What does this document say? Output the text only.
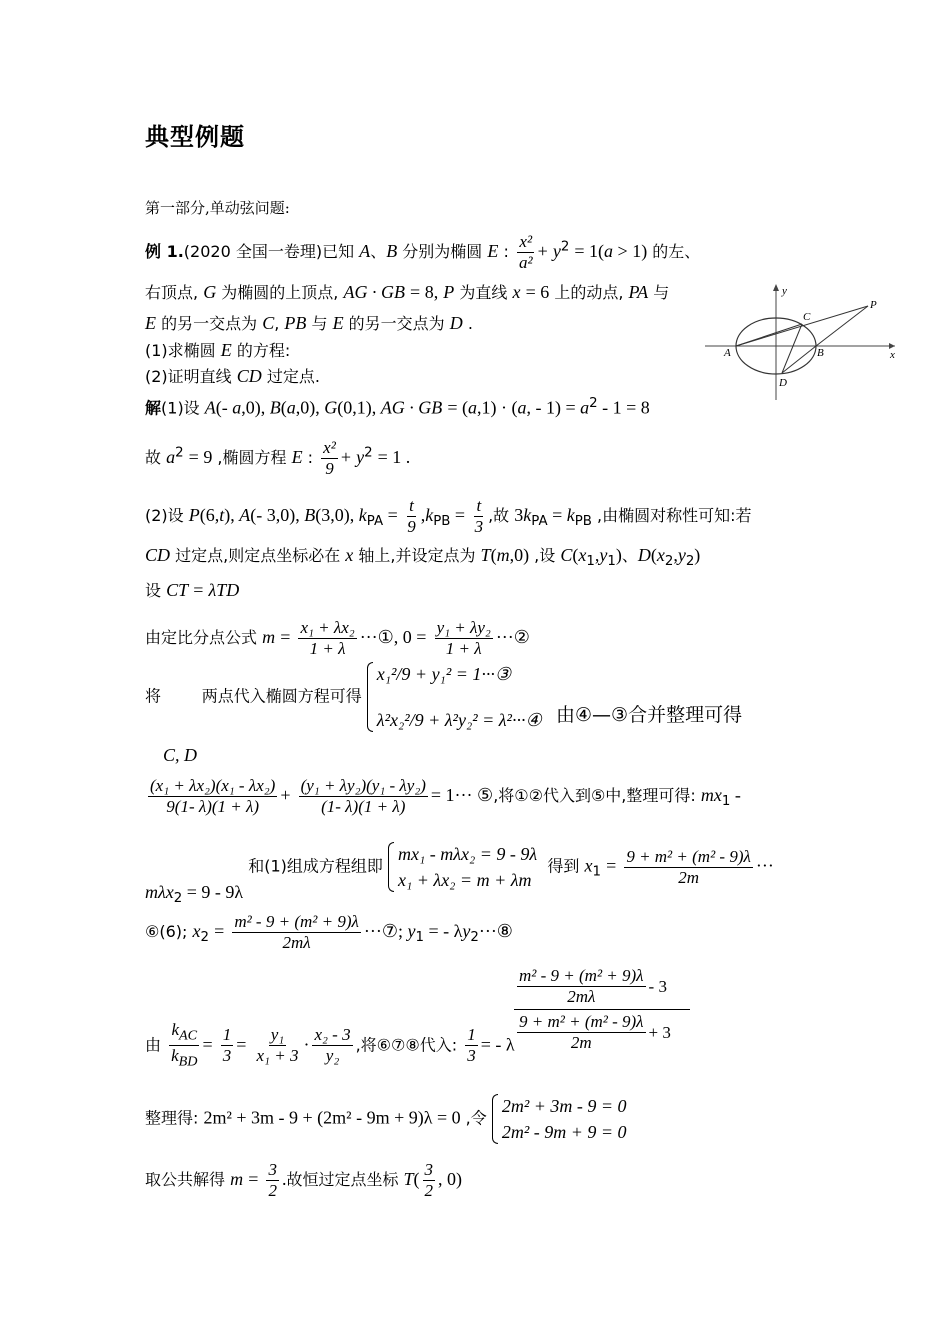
典型例题
第一部分,单动弦问题:
例 1.(2020 全国一卷理)已知 A、B 分别为椭圆 E : $\frac{\text{x²}}{\text{a²}} + y^2 = 1(a > 1)$ 的左、
右顶点, G 为椭圆的上顶点, AG · GB = 8, P 为直线 x = 6 上的动点, PA 与
E 的另一交点为 C, PB 与 E 的另一交点为 D .
(1)求椭圆 E 的方程:
(2)证明直线 CD 过定点.
解(1)设 A(- a,0), B(a,0), G(0,1), AG · GB = (a,1) · (a, - $1) = a^2 - 1 = 8$
故 $a^2 = 9$ ,椭圆方程 E : $\frac{\text{x²}}{9} + y^2 = 1$ .
(2)设 P(6,t), A(- 3,0), B(3,0), $k_{PA} = \frac{t}{9} ,k_{PB} = \frac{t}{3}$ ,故 $3k_{PA} = k_{PB}$ ,由椭圆对称性可知:若
CD 过定点,则定点坐标必在 x 轴上,并设定点为 T(m,0) ,设 $C(x_1,y_1)$、$D(x_2,y_2)$
设 CT = λTD
由定比分点公式 $m = \frac{\text{x₁ + λx₂}}{1 + \lambda}$ ···①, $0 = \frac{\text{y₁ + λy₂}}{1 + \lambda}$ ···②
将        两点代入椭圆方程可得
x₁²/9 + y₁² = 1···③
λ²x₂²/9 + λ²y₂² = λ²···④
C, D
由④—③合并整理可得
$\frac{\text{(x₁ + λx₂)(x₁ - λx₂)}}{9(1- \lambda)(1 + \lambda)} + \frac{\text{(y₁ + λy₂)(y₁ - λy₂)}}{(1- \lambda)(1 + \lambda)} = 1\cdot\cdot\cdot$ ⑤,将①②代入到⑤中,整理可得: $mx_1$ -
mλx$_2$ = 9 - 9λ 和(1)组成方程组即
mx₁ - mλx₂ = 9 - 9λ
x₁ + λx₂ = m + λm
得到 $x_1 = \frac{\text{9 + m² + (m² - 9)λ}}{2m}$ ···
⑥(6); $x_2 = \frac{\text{m² - 9 + (m² + 9)λ}}{2m\lambda}$ ···⑦; $y_1$ = - $\lambda y_2\cdot\cdot\cdot ⑧$
由 $\frac{k_{AC}}{k_{BD}} = \frac{1}{3} = \frac{\text{y₁}}{\text{x₁ + 3}} \cdot \frac{\text{x₂ - 3}}{\text{y₂}}$ ,将⑥⑦⑧代入: $\frac{1}{3}$ = - λ
$\frac{\text{m² - 9 + (m² + 9)λ}}{2m\lambda} - 3$
$\frac{\text{9 + m² + (m² - 9)λ}}{2m} + 3$
整理得: 2m² + 3m - 9 + (2m² - 9m + 9)λ = 0 ,令
2m² + 3m - 9 = 0
2m² - 9m + 9 = 0
取公共解得 $m = \frac{3}{2}$ .故恒过定点坐标 $T( \frac{3}{2}$ , 0)
y
x
A	B
C
D
P
